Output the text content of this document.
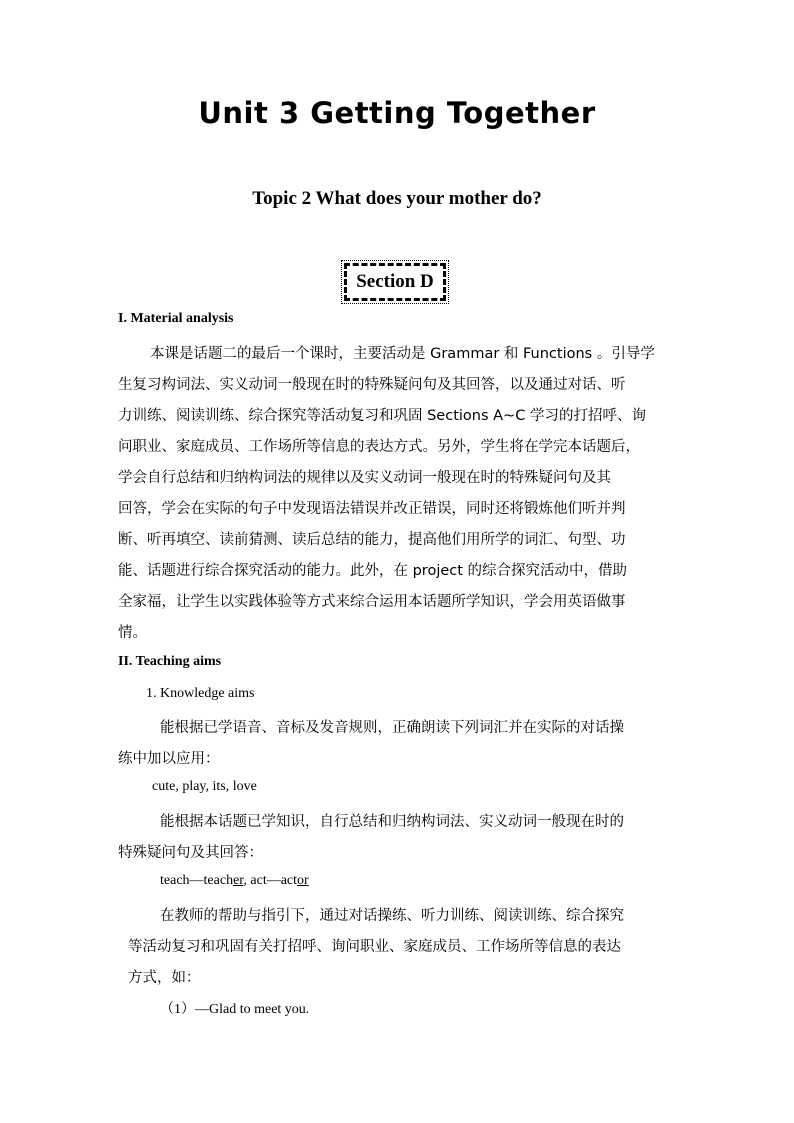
Unit 3 Getting Together
Topic 2 What does your mother do?
Section D
I. Material analysis
本课是话题二的最后一个课时，主要活动是 Grammar 和 Functions 。引导学
生复习构词法、实义动词一般现在时的特殊疑问句及其回答，以及通过对话、听
力训练、阅读训练、综合探究等活动复习和巩固 Sections A~C 学习的打招呼、询
问职业、家庭成员、工作场所等信息的表达方式。另外，学生将在学完本话题后，
学会自行总结和归纳构词法的规律以及实义动词一般现在时的特殊疑问句及其
回答，学会在实际的句子中发现语法错误并改正错误，同时还将锻炼他们听并判
断、听再填空、读前猜测、读后总结的能力，提高他们用所学的词汇、句型、功
能、话题进行综合探究活动的能力。此外，在 project 的综合探究活动中，借助
全家福，让学生以实践体验等方式来综合运用本话题所学知识，学会用英语做事
情。
II. Teaching aims
1. Knowledge aims
能根据已学语音、音标及发音规则，正确朗读下列词汇并在实际的对话操
练中加以应用：
cute, play, its, love
能根据本话题已学知识，自行总结和归纳构词法、实义动词一般现在时的
特殊疑问句及其回答：
teach—teacher, act—actor
在教师的帮助与指引下，通过对话操练、听力训练、阅读训练、综合探究
等活动复习和巩固有关打招呼、询问职业、家庭成员、工作场所等信息的表达
方式，如：
（1）—Glad to meet you.
